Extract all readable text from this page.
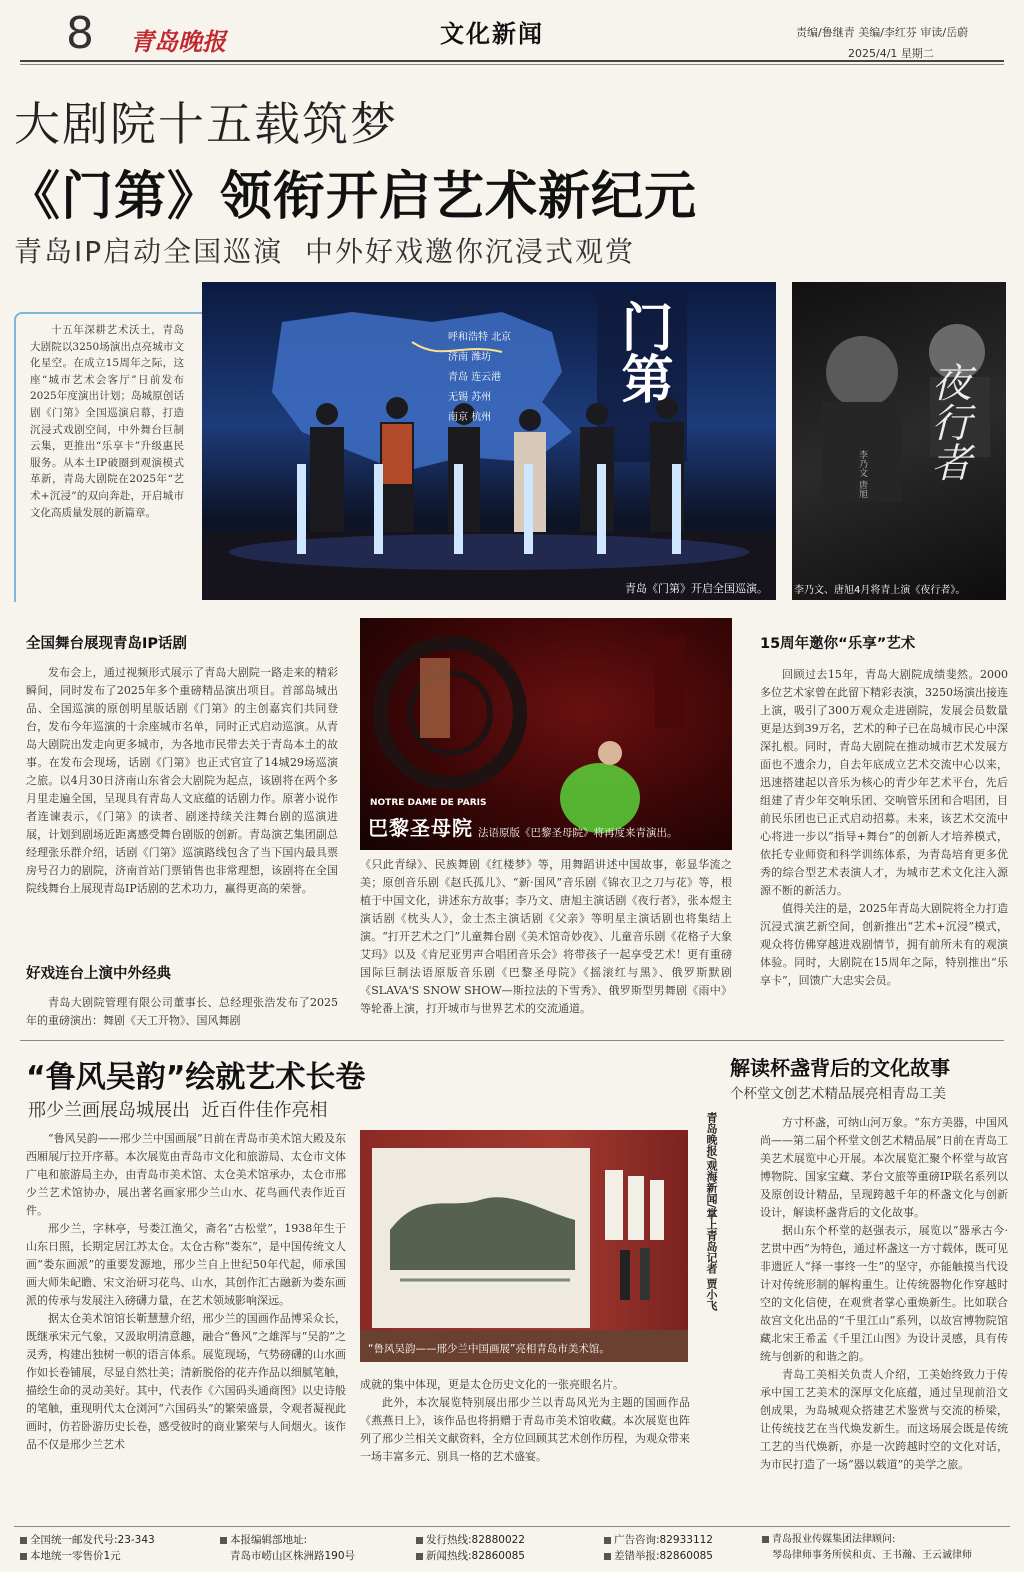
8 青岛晚报	文化新闻	责编/鲁继青 美编/李红芬 审读/岳蔚
2025/4/1 星期二
大剧院十五载筑梦
《门第》领衔开启艺术新纪元
青岛IP启动全国巡演  中外好戏邀你沉浸式观赏

十五年深耕艺术沃土，青岛大剧院以3250场演出点亮城市文化星空。在成立15周年之际，这座“城市艺术会客厅”日前发布2025年度演出计划；岛城原创话剧《门第》全国巡演启幕，打造沉浸式戏剧空间，中外舞台巨制云集，更推出“乐享卡”升级惠民服务。从本土IP破圈到观演模式革新，青岛大剧院在2025年“艺术+沉浸”的双向奔赴，开启城市文化高质量发展的新篇章。

呼和浩特 北京
济南 潍坊
青岛 连云港
无锡 苏州
南京 杭州
门第
青岛《门第》开启全国巡演。
夜行者
李乃文 唐旭
李乃文、唐旭4月将青上演《夜行者》。
全国舞台展现青岛IP话剧

发布会上，通过视频形式展示了青岛大剧院一路走来的精彩瞬间，同时发布了2025年多个重磅精品演出项目。首部岛城出品、全国巡演的原创明星版话剧《门第》的主创嘉宾们共同登台，发布今年巡演的十余座城市名单，同时正式启动巡演。从青岛大剧院出发走向更多城市，为各地市民带去关于青岛本土的故事。在发布会现场，话剧《门第》也正式官宣了14城29场巡演之旅。以4月30日济南山东省会大剧院为起点，该剧将在两个多月里走遍全国，呈现具有青岛人文底蕴的话剧力作。原著小说作者连谏表示，《门第》的读者、剧迷持续关注舞台剧的巡演进展，计划到剧场近距离感受舞台剧版的创新。青岛演艺集团副总经理张乐群介绍，话剧《门第》巡演路线包含了当下国内最具票房号召力的剧院，济南首站门票销售也非常理想，该剧将在全国院线舞台上展现青岛IP话剧的艺术功力，赢得更高的荣誉。

好戏连台上演中外经典

青岛大剧院管理有限公司董事长、总经理张浩发布了2025年的重磅演出：舞剧《天工开物》、国风舞剧

NOTRE DAME DE PARIS
巴黎圣母院 法语原版《巴黎圣母院》将再度来青演出。

《只此青绿》、民族舞剧《红楼梦》等，用舞蹈讲述中国故事，彰显华流之美；原创音乐剧《赵氏孤儿》、“新·国风”音乐剧《锦衣卫之刀与花》等，根植于中国文化，讲述东方故事；李乃文、唐旭主演话剧《夜行者》，张本煜主演话剧《枕头人》，金士杰主演话剧《父亲》等明星主演话剧也将集结上演。“打开艺术之门”儿童舞台剧《美术馆奇妙夜》、儿童音乐剧《花格子大象艾玛》以及《肯尼亚男声合唱团音乐会》将带孩子一起享受艺术！更有重磅国际巨制法语原版音乐剧《巴黎圣母院》《摇滚红与黑》、俄罗斯默剧《SLAVA'S SNOW SHOW—斯拉法的下雪秀》、俄罗斯型男舞剧《雨中》等轮番上演，打开城市与世界艺术的交流通道。

15周年邀你“乐享”艺术

回顾过去15年，青岛大剧院成绩斐然。2000多位艺术家曾在此留下精彩表演，3250场演出接连上演，吸引了300万观众走进剧院，发展会员数量更是达到39万名，艺术的种子已在岛城市民心中深深扎根。同时，青岛大剧院在推动城市艺术发展方面也不遗余力，自去年底成立艺术交流中心以来，迅速搭建起以音乐为核心的青少年艺术平台，先后组建了青少年交响乐团、交响管乐团和合唱团，目前民乐团也已正式启动招募。未来，该艺术交流中心将进一步以“指导+舞台”的创新人才培养模式，依托专业师资和科学训练体系，为青岛培育更多优秀的综合型艺术表演人才，为城市艺术文化注入源源不断的新活力。

值得关注的是，2025年青岛大剧院将全力打造沉浸式演艺新空间，创新推出“艺术+沉浸”模式，观众将仿佛穿越进戏剧情节，拥有前所未有的观演体验。同时，大剧院在15周年之际，特别推出“乐享卡”，回馈广大忠实会员。

“鲁风吴韵”绘就艺术长卷
邢少兰画展岛城展出  近百件佳作亮相

“鲁风吴韵——邢少兰中国画展”日前在青岛市美术馆大殿及东西厢展厅拉开序幕。本次展览由青岛市文化和旅游局、太仓市文体广电和旅游局主办，由青岛市美术馆、太仓美术馆承办，太仓市邢少兰艺术馆协办，展出著名画家邢少兰山水、花鸟画代表作近百件。

邢少兰，字林亭，号娄江渔父，斋名“古松堂”，1938年生于山东日照，长期定居江苏太仓。太仓古称“娄东”，是中国传统文人画“娄东画派”的重要发源地，邢少兰自上世纪50年代起，师承国画大师朱屺瞻、宋文治研习花鸟、山水，其创作汇古融新为娄东画派的传承与发展注入磅礴力量，在艺术领域影响深远。

据太仓美术馆馆长靳慧慧介绍，邢少兰的国画作品博采众长，既继承宋元气象，又汲取明清意趣，融合“鲁风”之雄浑与“吴韵”之灵秀，构建出独树一帜的语言体系。展览现场，气势磅礴的山水画作如长卷铺展，尽显自然壮美；清新脱俗的花卉作品以细腻笔触，描绘生命的灵动美好。其中，代表作《六国码头通商图》以史诗般的笔触，重现明代太仓浏河“六国码头”的繁荣盛景，令观者凝视此画时，仿若卧游历史长卷，感受彼时的商业繁荣与人间烟火。该作品不仅是邢少兰艺术

青岛晚报/观海新闻/掌上青岛记者 贾小飞
“鲁风吴韵——邢少兰中国画展”亮相青岛市美术馆。

成就的集中体现，更是太仓历史文化的一张亮眼名片。

此外，本次展览特别展出邢少兰以青岛风光为主题的国画作品《燕燕日上》，该作品也将捐赠于青岛市美术馆收藏。本次展览也阵列了邢少兰相关文献资料，全方位回顾其艺术创作历程，为观众带来一场丰富多元、别具一格的艺术盛宴。

解读杯盏背后的文化故事
个杯堂文创艺术精品展亮相青岛工美

方寸杯盏，可纳山河万象。“东方美器，中国风尚——第二届个杯堂文创艺术精品展”日前在青岛工美艺术展览中心开展。本次展览汇聚个杯堂与故宫博物院、国家宝藏、茅台文旅等重磅IP联名系列以及原创设计精品，呈现跨越千年的杯盏文化与创新设计，解读杯盏背后的文化故事。

据山东个杯堂的赵强表示，展览以“器承古今·艺贯中西”为特色，通过杯盏这一方寸载体，既可见非遗匠人“择一事终一生”的坚守，亦能触摸当代设计对传统形制的解构重生。让传统器物化作穿越时空的文化信使，在观赏者掌心重焕新生。比如联合故宫文化出品的“千里江山”系列，以故宫博物院馆藏北宋王希孟《千里江山图》为设计灵感，具有传统与创新的和谐之韵。

青岛工美相关负责人介绍，工美始终致力于传承中国工艺美术的深厚文化底蕴，通过呈现前沿文创成果，为岛城观众搭建艺术鉴赏与交流的桥梁，让传统技艺在当代焕发新生。而这场展会既是传统工艺的当代焕新，亦是一次跨越时空的文化对话，为市民打造了一场“器以载道”的美学之旅。

全国统一邮发代号:23-343
本地统一零售价1元
本报编辑部地址:
青岛市崂山区株洲路190号
发行热线:82880022
新闻热线:82860085
广告咨询:82933112
差错举报:82860085
青岛报业传媒集团法律顾问:
琴岛律师事务所侯和贞、王书瀚、王云诚律师
